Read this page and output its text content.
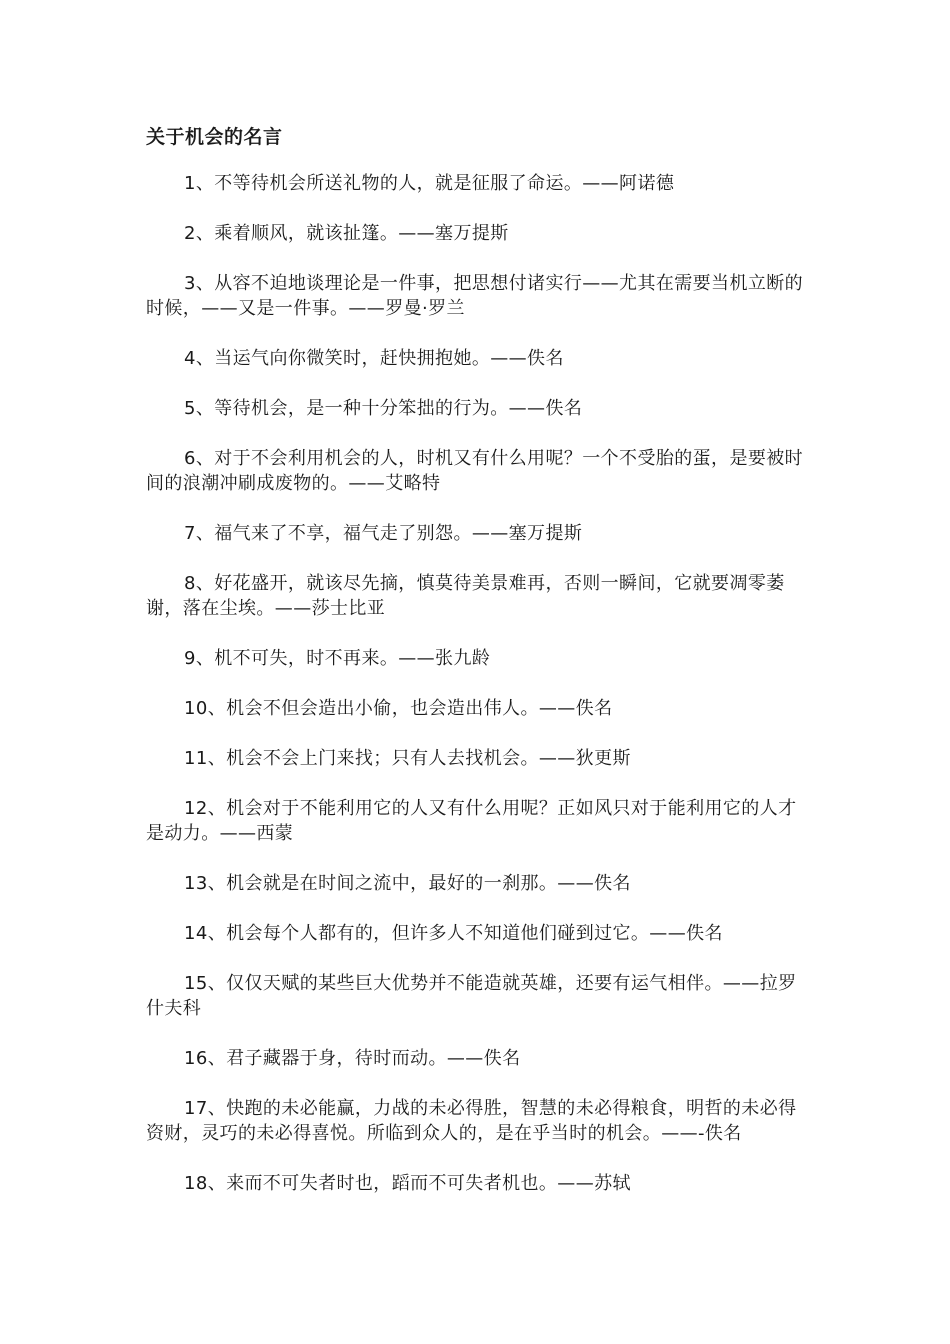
关于机会的名言
1、不等待机会所送礼物的人，就是征服了命运。——阿诺德
2、乘着顺风，就该扯篷。——塞万提斯
3、从容不迫地谈理论是一件事，把思想付诸实行——尤其在需要当机立断的时候，——又是一件事。——罗曼·罗兰
4、当运气向你微笑时，赶快拥抱她。——佚名
5、等待机会，是一种十分笨拙的行为。——佚名
6、对于不会利用机会的人，时机又有什么用呢？一个不受胎的蛋，是要被时间的浪潮冲刷成废物的。——艾略特
7、福气来了不享，福气走了别怨。——塞万提斯
8、好花盛开，就该尽先摘，慎莫待美景难再，否则一瞬间，它就要凋零萎谢，落在尘埃。——莎士比亚
9、机不可失，时不再来。——张九龄
10、机会不但会造出小偷，也会造出伟人。——佚名
11、机会不会上门来找；只有人去找机会。——狄更斯
12、机会对于不能利用它的人又有什么用呢？正如风只对于能利用它的人才是动力。——西蒙
13、机会就是在时间之流中，最好的一刹那。——佚名
14、机会每个人都有的，但许多人不知道他们碰到过它。——佚名
15、仅仅天赋的某些巨大优势并不能造就英雄，还要有运气相伴。——拉罗什夫科
16、君子藏器于身，待时而动。——佚名
17、快跑的未必能赢，力战的未必得胜，智慧的未必得粮食，明哲的未必得资财，灵巧的未必得喜悦。所临到众人的，是在乎当时的机会。——-佚名
18、来而不可失者时也，蹈而不可失者机也。——苏轼
